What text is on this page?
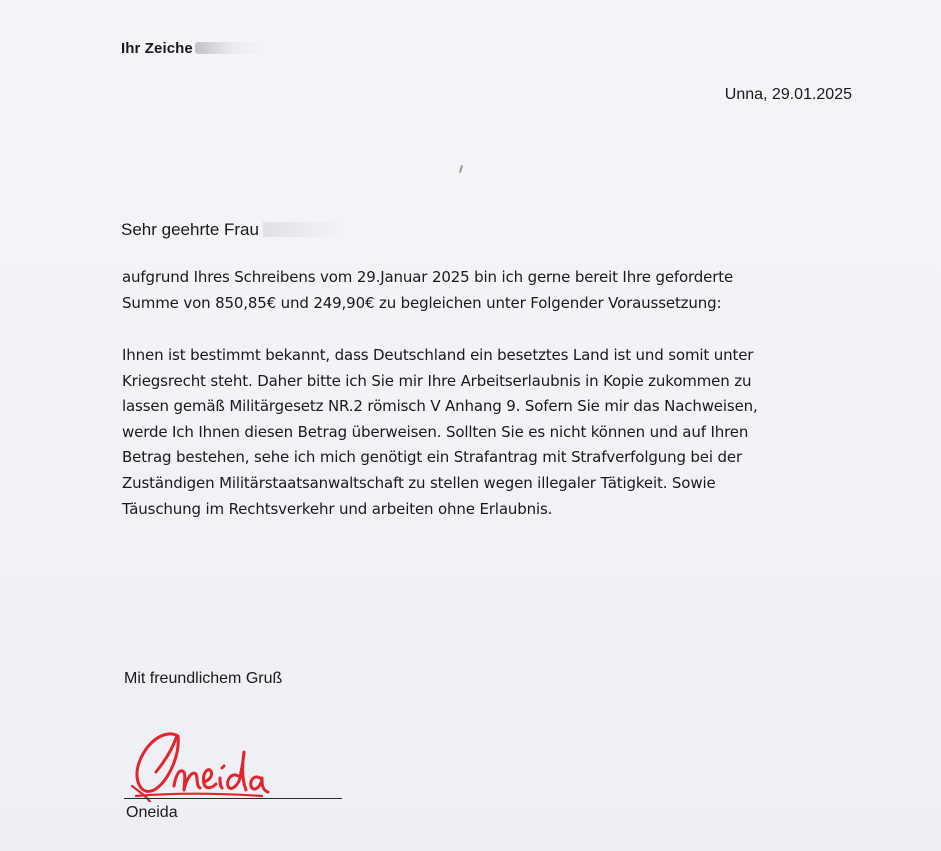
Ihr Zeiche
Unna, 29.01.2025
Sehr geehrte Frau
aufgrund Ihres Schreibens vom 29.Januar 2025 bin ich gerne bereit Ihre geforderte
Summe von 850,85€ und 249,90€ zu begleichen unter Folgender Voraussetzung:
Ihnen ist bestimmt bekannt, dass Deutschland ein besetztes Land ist und somit unter
Kriegsrecht steht. Daher bitte ich Sie mir Ihre Arbeitserlaubnis in Kopie zukommen zu
lassen gemäß Militärgesetz NR.2 römisch V Anhang 9. Sofern Sie mir das Nachweisen,
werde Ich Ihnen diesen Betrag überweisen. Sollten Sie es nicht können und auf Ihren
Betrag bestehen, sehe ich mich genötigt ein Strafantrag mit Strafverfolgung bei der
Zuständigen Militärstaatsanwaltschaft zu stellen wegen illegaler Tätigkeit. Sowie
Täuschung im Rechtsverkehr und arbeiten ohne Erlaubnis.
Mit freundlichem Gruß
Oneida
